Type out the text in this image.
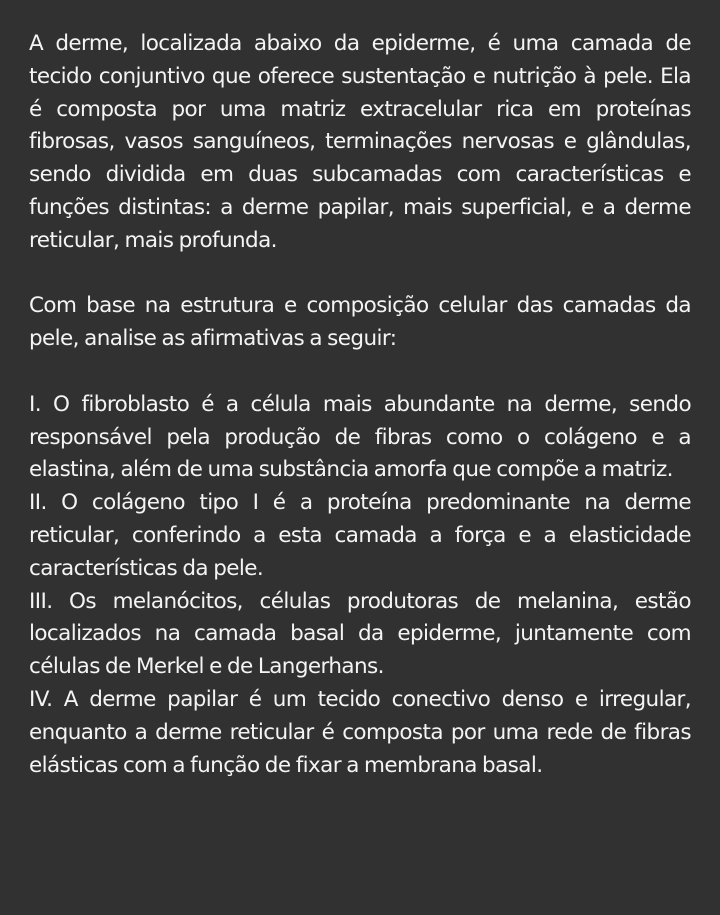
A derme, localizada abaixo da epiderme, é uma camada de tecido conjuntivo que oferece sustentação e nutrição à pele. Ela é composta por uma matriz extracelular rica em proteínas fibrosas, vasos sanguíneos, terminações nervosas e glândulas, sendo dividida em duas subcamadas com características e funções distintas: a derme papilar, mais superficial, e a derme reticular, mais profunda.

Com base na estrutura e composição celular das camadas da pele, analise as afirmativas a seguir:

I. O fibroblasto é a célula mais abundante na derme, sendo responsável pela produção de fibras como o colágeno e a elastina, além de uma substância amorfa que compõe a matriz.

II. O colágeno tipo I é a proteína predominante na derme reticular, conferindo a esta camada a força e a elasticidade características da pele.

III. Os melanócitos, células produtoras de melanina, estão localizados na camada basal da epiderme, juntamente com células de Merkel e de Langerhans.

IV. A derme papilar é um tecido conectivo denso e irregular, enquanto a derme reticular é composta por uma rede de fibras elásticas com a função de fixar a membrana basal.
